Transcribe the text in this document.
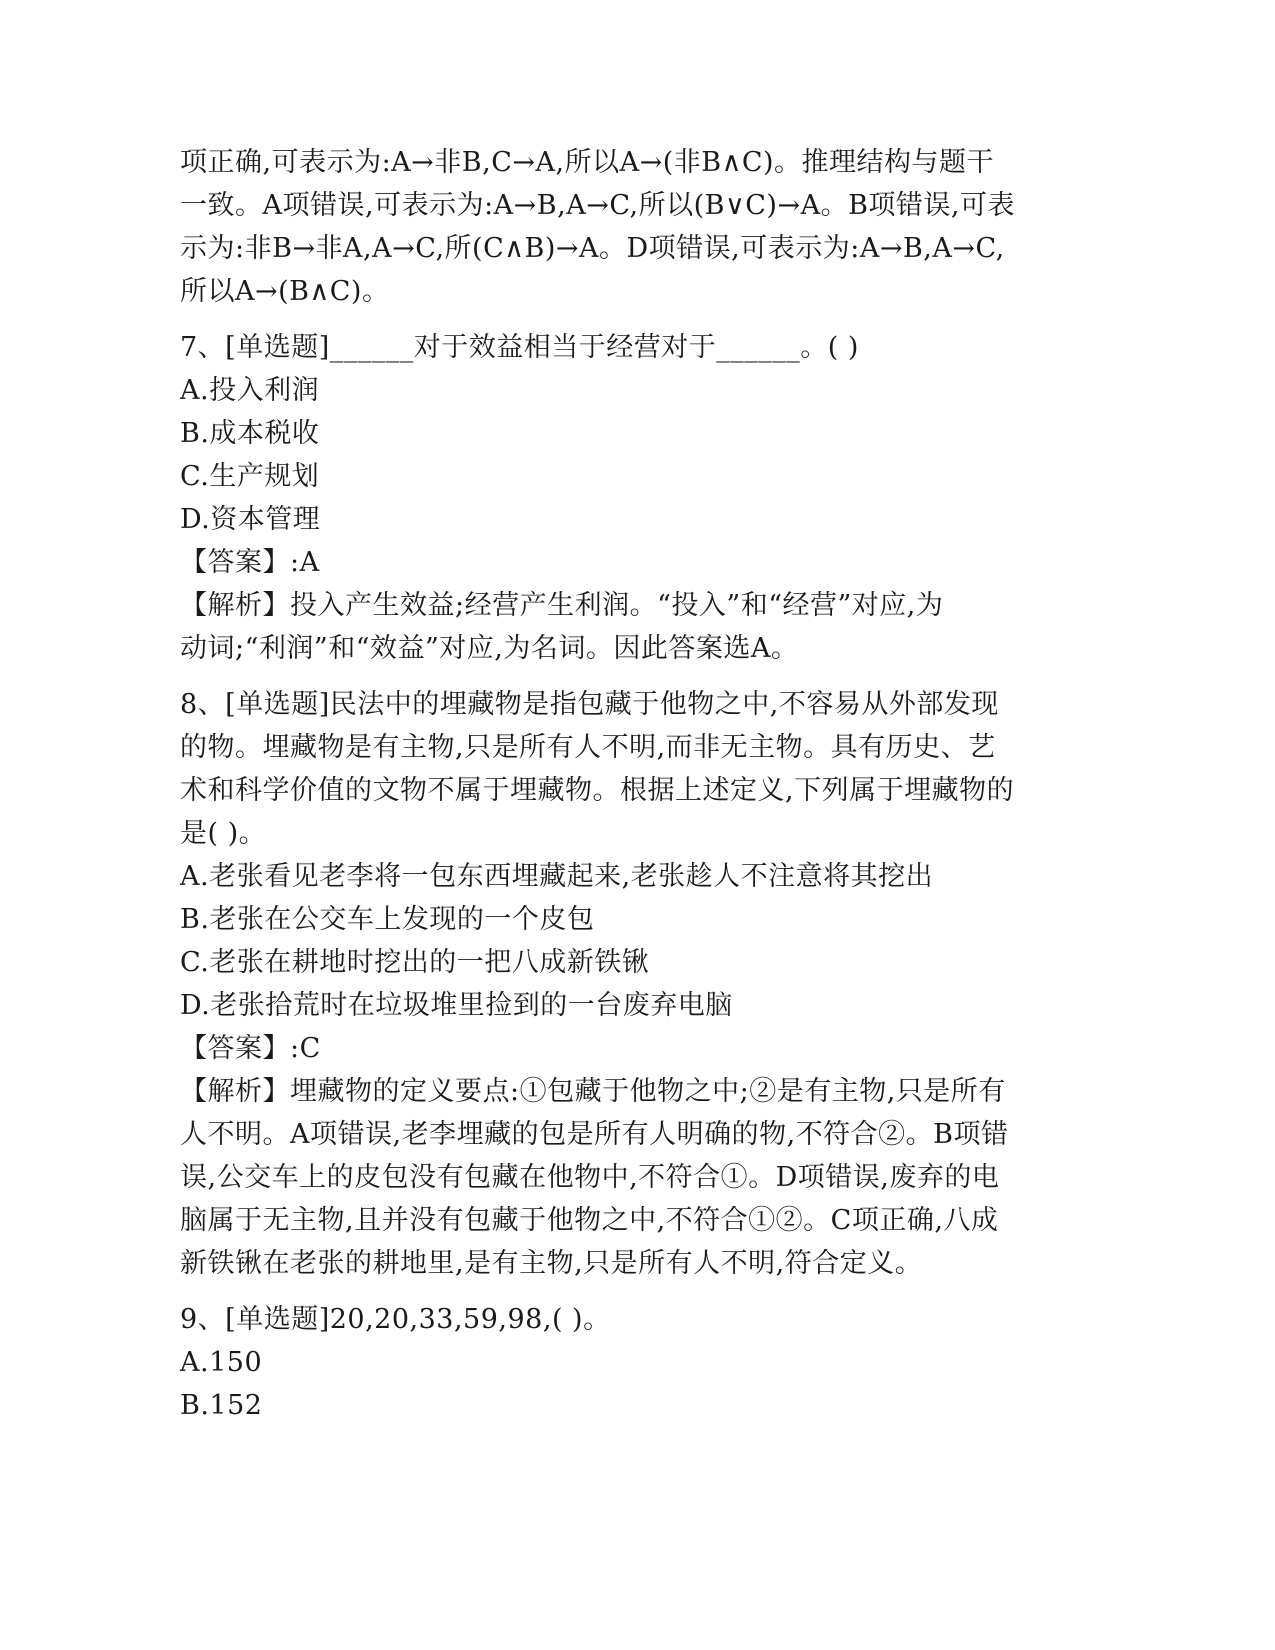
项正确,可表示为:A→非B,C→A,所以A→(非B∧C)。推理结构与题干
一致。A项错误,可表示为:A→B,A→C,所以(B∨C)→A。B项错误,可表
示为:非B→非A,A→C,所(C∧B)→A。D项错误,可表示为:A→B,A→C,
所以A→(B∧C)。

7、[单选题]______对于效益相当于经营对于______。( )

A.投入利润

B.成本税收

C.生产规划

D.资本管理

【答案】:A

【解析】投入产生效益;经营产生利润。“投入”和“经营”对应,为
动词;“利润”和“效益”对应,为名词。因此答案选A。

8、[单选题]民法中的埋藏物是指包藏于他物之中,不容易从外部发现
的物。埋藏物是有主物,只是所有人不明,而非无主物。具有历史、艺
术和科学价值的文物不属于埋藏物。根据上述定义,下列属于埋藏物的
是( )。

A.老张看见老李将一包东西埋藏起来,老张趁人不注意将其挖出

B.老张在公交车上发现的一个皮包

C.老张在耕地时挖出的一把八成新铁锹

D.老张拾荒时在垃圾堆里捡到的一台废弃电脑

【答案】:C

【解析】埋藏物的定义要点:①包藏于他物之中;②是有主物,只是所有
人不明。A项错误,老李埋藏的包是所有人明确的物,不符合②。B项错
误,公交车上的皮包没有包藏在他物中,不符合①。D项错误,废弃的电
脑属于无主物,且并没有包藏于他物之中,不符合①②。C项正确,八成
新铁锹在老张的耕地里,是有主物,只是所有人不明,符合定义。

9、[单选题]20,20,33,59,98,( )。

A.150

B.152
